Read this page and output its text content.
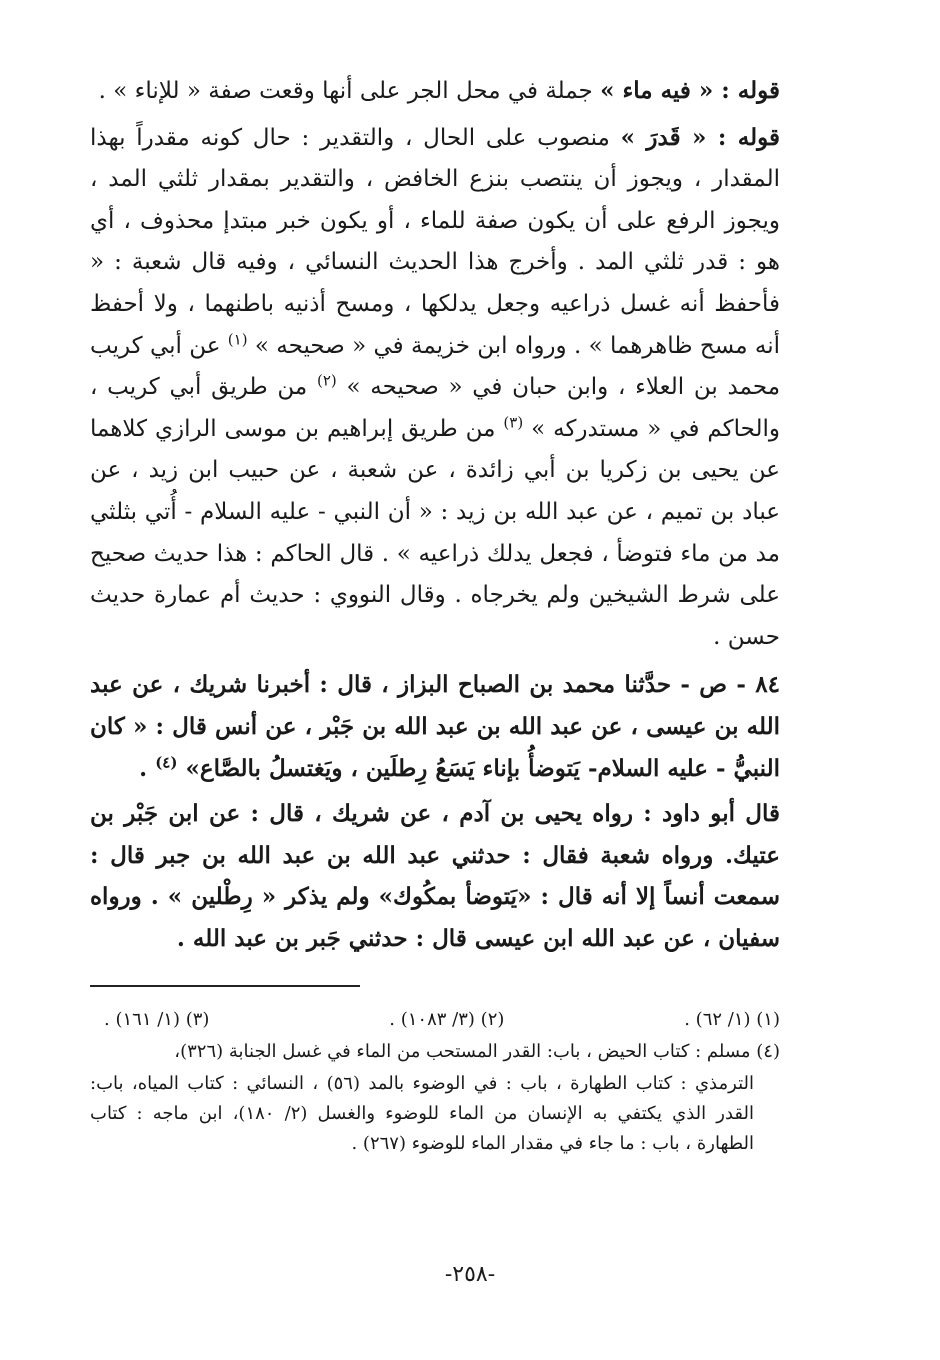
قوله : « فيه ماء » جملة في محل الجر على أنها وقعت صفة « للإناء » .

قوله : « قَدرَ » منصوب على الحال ، والتقدير : حال كونه مقدراً بهذا المقدار ، ويجوز أن ينتصب بنزع الخافض ، والتقدير بمقدار ثلثي المد ، ويجوز الرفع على أن يكون صفة للماء ، أو يكون خبر مبتدإ محذوف ، أي هو : قدر ثلثي المد . وأخرج هذا الحديث النسائي ، وفيه قال شعبة : « فأحفظ أنه غسل ذراعيه وجعل يدلكها ، ومسح أذنيه باطنهما ، ولا أحفظ أنه مسح ظاهرهما » . ورواه ابن خزيمة في « صحيحه » $^{(١)}$ عن أبي كريب محمد بن العلاء ، وابن حبان في « صحيحه » $^{(٢)}$ من طريق أبي كريب ، والحاكم في « مستدركه » $^{(٣)}$ من طريق إبراهيم بن موسى الرازي كلاهما عن يحيى بن زكريا بن أبي زائدة ، عن شعبة ، عن حبيب ابن زيد ، عن عباد بن تميم ، عن عبد الله بن زيد : « أن النبي - عليه السلام - أُتي بثلثي مد من ماء فتوضأ ، فجعل يدلك ذراعيه » . قال الحاكم : هذا حديث صحيح على شرط الشيخين ولم يخرجاه . وقال النووي : حديث أم عمارة حديث حسن .

٨٤ - ص - حدَّثنا محمد بن الصباح البزاز ، قال : أخبرنا شريك ، عن عبد الله بن عيسى ، عن عبد الله بن عبد الله بن جَبْر ، عن أنس قال : « كان النبيُّ - عليه السلام- يَتوضأُ بإناء يَسَعُ رِطلَين ، ويَغتسلُ بالصَّاع» $^{(٤)}$ .

قال أبو داود : رواه يحيى بن آدم ، عن شريك ، قال : عن ابن جَبْر بن عتيك. ورواه شعبة فقال : حدثني عبد الله بن عبد الله بن جبر قال : سمعت أنساً إلا أنه قال : «يَتوضأ بمكُوك» ولم يذكر « رِطْلين » . ورواه سفيان ، عن عبد الله ابن عيسى قال : حدثني جَبر بن عبد الله .

(١) (١/ ٦٢) .
(٢) (٣/ ١٠٨٣) .
(٣) (١/ ١٦١) .

(٤) مسلم : كتاب الحيض ، باب: القدر المستحب من الماء في غسل الجنابة (٣٢٦)،

الترمذي : كتاب الطهارة ، باب : في الوضوء بالمد (٥٦) ، النسائي : كتاب المياه، باب: القدر الذي يكتفي به الإنسان من الماء للوضوء والغسل (٢/ ١٨٠)، ابن ماجه : كتاب الطهارة ، باب : ما جاء في مقدار الماء للوضوء (٢٦٧) .

-٢٥٨-
